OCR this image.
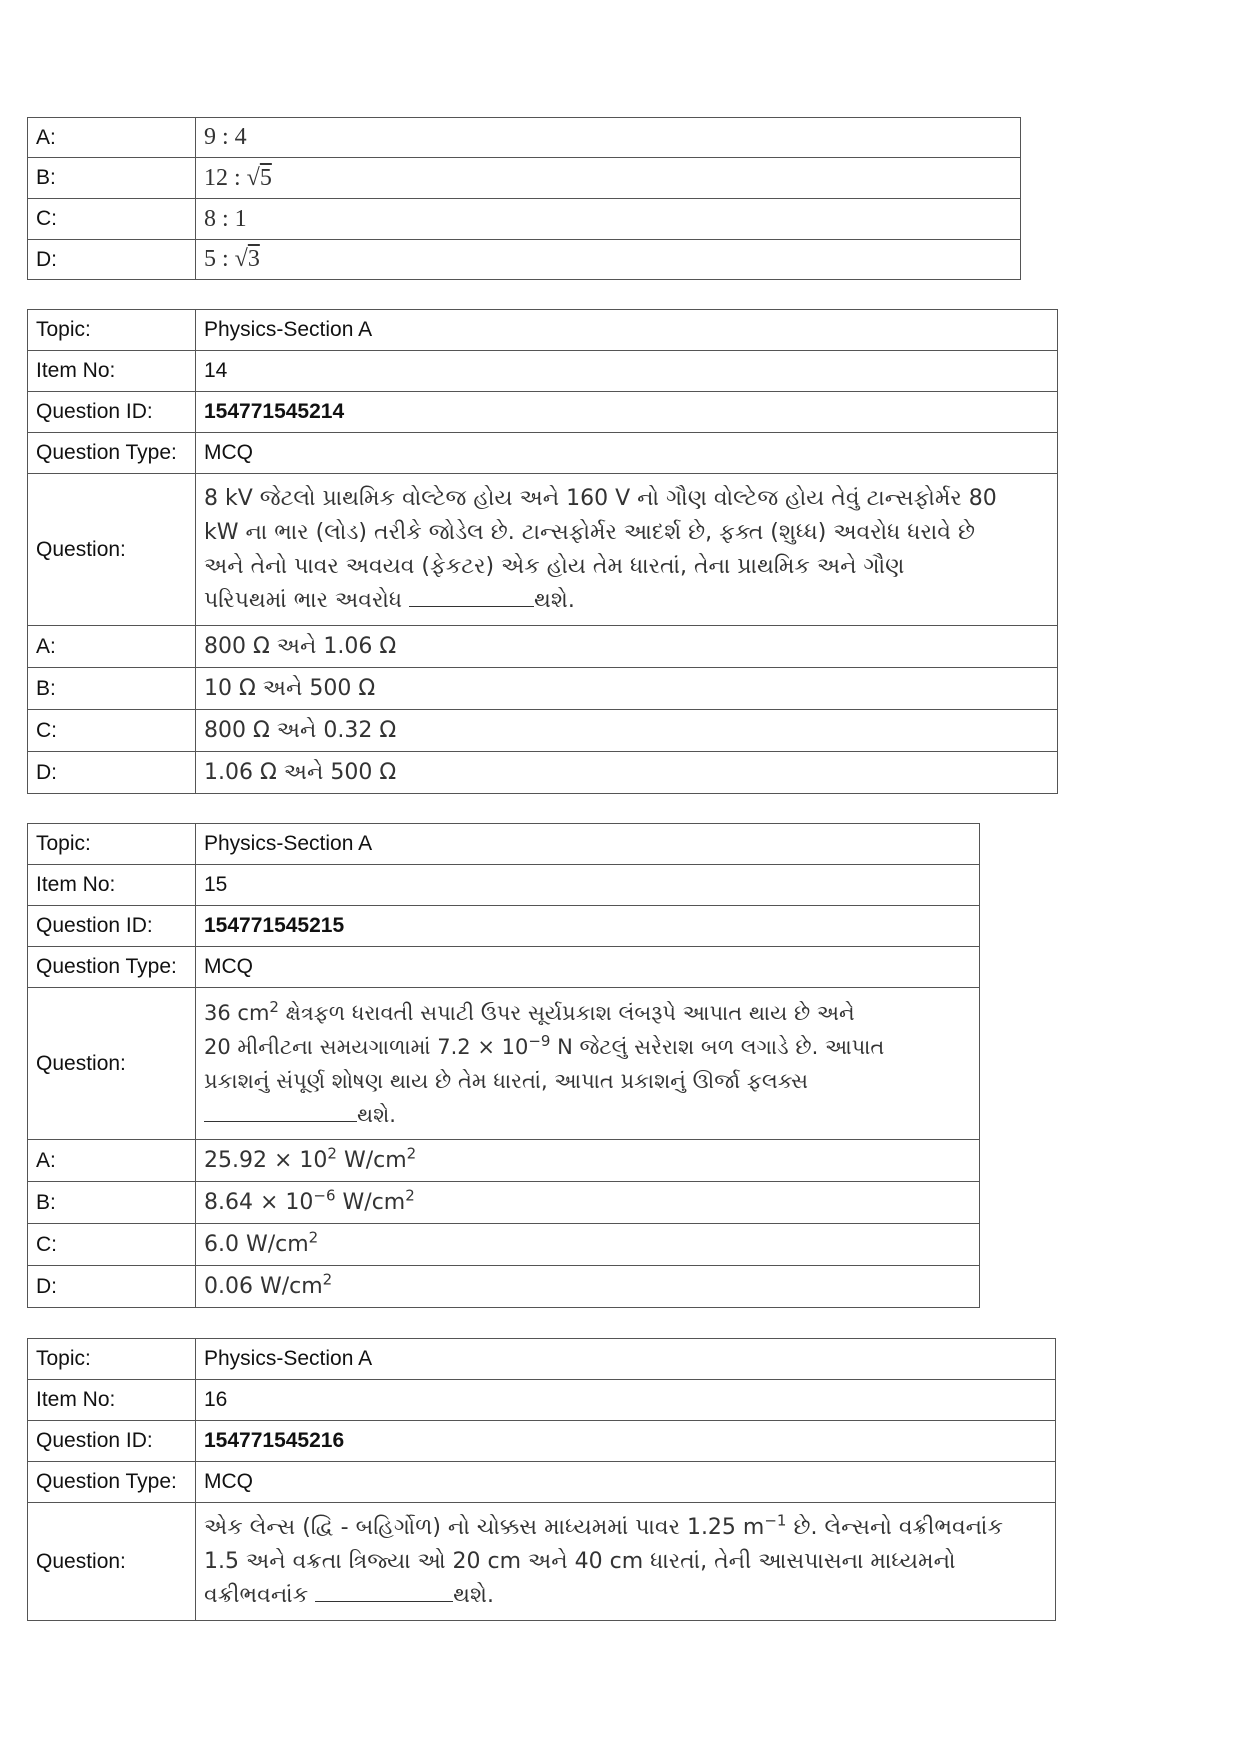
A:	9 : 4
B:	12 : √5
C:	8 : 1
D:	5 : √3
Topic:	Physics-Section A
Item No:	14
Question ID:	154771545214
Question Type:	MCQ
Question:	8 kV જેટલો પ્રાથમિક વોલ્ટેજ હોય અને 160 V નો ગૌણ વોલ્ટેજ હોય તેવું ટાન્સફોર્મર 80
kW ના ભાર (લોડ) તરીકે જોડેલ છે. ટાન્સફોર્મર આદર્શ છે, ફક્ત (શુધ્ધ) અવરોધ ધરાવે છે
અને તેનો પાવર અવયવ (ફેકટર) એક હોય તેમ ધારતાં, તેના પ્રાથમિક અને ગૌણ
પરિપથમાં ભાર અવરોધ થશે.

A:	800 Ω અને 1.06 Ω
B:	10 Ω અને 500 Ω
C:	800 Ω અને 0.32 Ω
D:	1.06 Ω અને 500 Ω
Topic:	Physics-Section A
Item No:	15
Question ID:	154771545215
Question Type:	MCQ
Question:	36 $cm^2$ ક્ષેત્રફળ ધરાવતી સપાટી ઉપર સૂર્યપ્રકાશ લંબરૂપે આપાત થાય છે અને
20 મીનીટના સમયગાળામાં $7.2 \times 10^{-9}$ N જેટલું સરેરાશ બળ લગાડે છે. આપાત
પ્રકાશનું સંપૂર્ણ શોષણ થાય છે તેમ ધારતાં, આપાત પ્રકાશનું ઊર્જા ફલક્સ
થશે.

A:	$25.92 \times 10^2$ $W/cm^2$
B:	$8.64 \times 10^{-6}$ $W/cm^2$
C:	6.0 $W/cm^2$
D:	0.06 $W/cm^2$
Topic:	Physics-Section A
Item No:	16
Question ID:	154771545216
Question Type:	MCQ
Question:	એક લેન્સ (દ્વિ - બહિર્ગોળ) નો ચોક્કસ માધ્યમમાં પાવર 1.25 $m^{-1}$ છે. લેન્સનો વક્રીભવનાંક
1.5 અને વક્રતા ત્રિજ્યા ઓ 20 cm અને 40 cm ધારતાં, તેની આસપાસના માધ્યમનો
વક્રીભવનાંક થશે.
